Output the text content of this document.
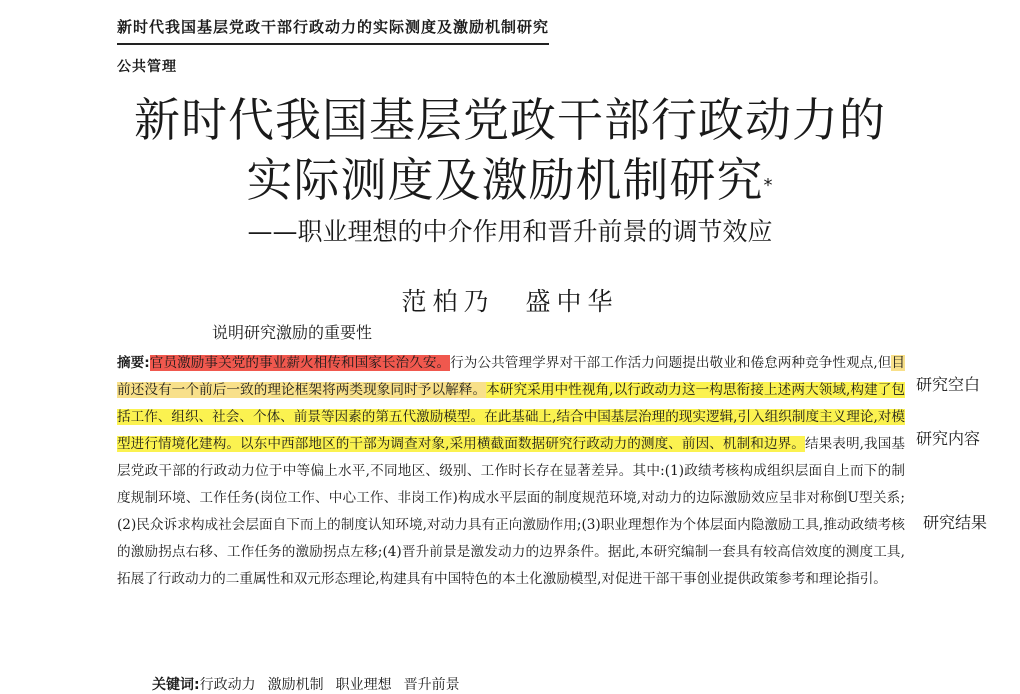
新时代我国基层党政干部行政动力的实际测度及激励机制研究
公共管理
新时代我国基层党政干部行政动力的
实际测度及激励机制研究*
——职业理想的中介作用和晋升前景的调节效应
范柏乃　盛中华
说明研究激励的重要性
摘要:官员激励事关党的事业薪火相传和国家长治久安。行为公共管理学界对干部工作活力问题提出敬业和倦怠两种竞争性观点,但目前还没有一个前后一致的理论框架将两类现象同时予以解释。本研究采用中性视角,以行政动力这一构思衔接上述两大领域,构建了包括工作、组织、社会、个体、前景等因素的第五代激励模型。在此基础上,结合中国基层治理的现实逻辑,引入组织制度主义理论,对模型进行情境化建构。以东中西部地区的干部为调查对象,采用横截面数据研究行政动力的测度、前因、机制和边界。结果表明,我国基层党政干部的行政动力位于中等偏上水平,不同地区、级别、工作时长存在显著差异。其中:(1)政绩考核构成组织层面自上而下的制度规制环境、工作任务(岗位工作、中心工作、非岗工作)构成水平层面的制度规范环境,对动力的边际激励效应呈非对称倒U型关系;(2)民众诉求构成社会层面自下而上的制度认知环境,对动力具有正向激励作用;(3)职业理想作为个体层面内隐激励工具,推动政绩考核的激励拐点右移、工作任务的激励拐点左移;(4)晋升前景是激发动力的边界条件。据此,本研究编制一套具有较高信效度的测度工具,拓展了行政动力的二重属性和双元形态理论,构建具有中国特色的本土化激励模型,对促进干部干事创业提供政策参考和理论指引。
关键词:行政动力 激励机制 职业理想 晋升前景
研究空白
研究内容
研究结果
